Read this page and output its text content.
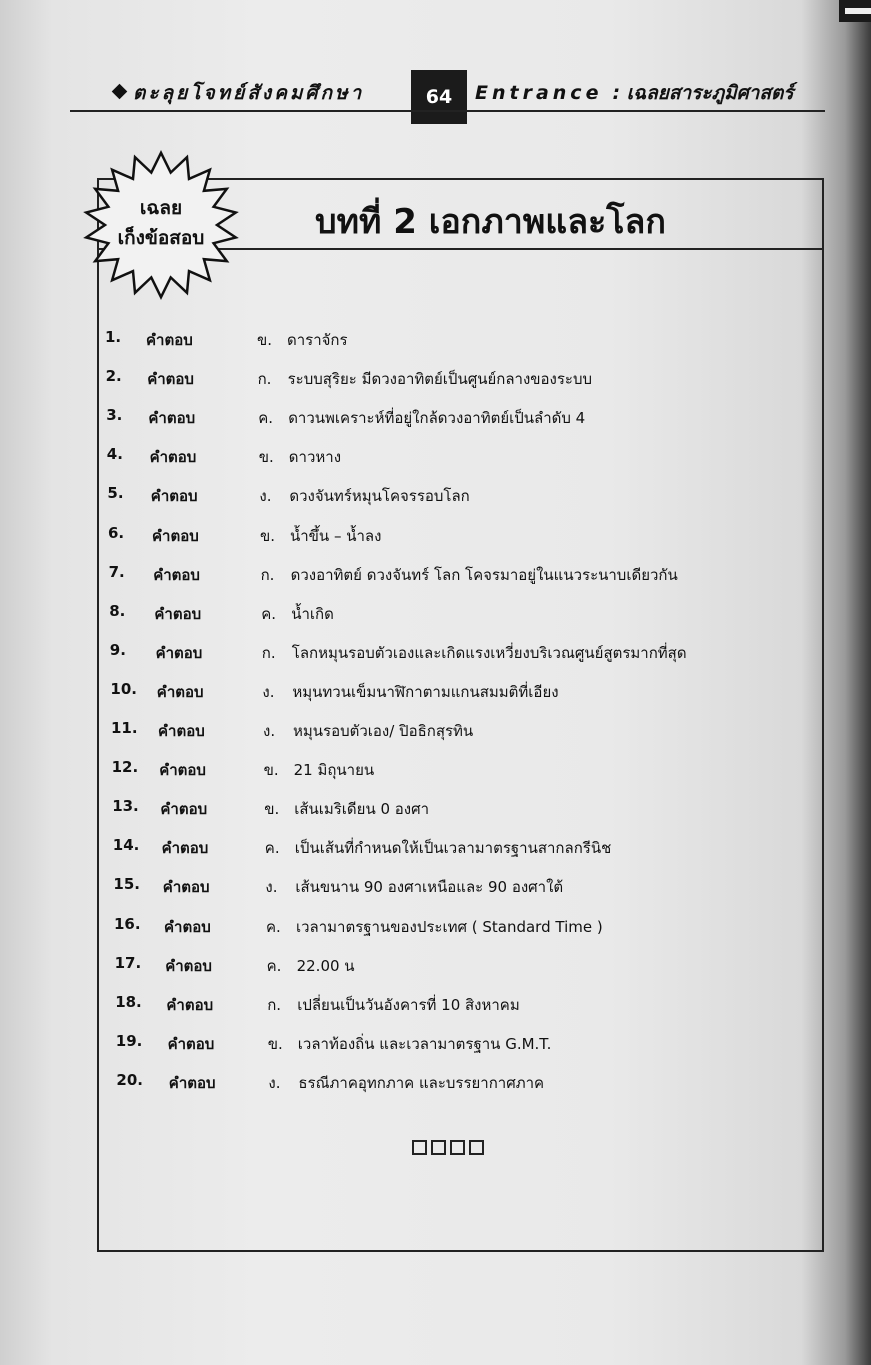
ตะลุยโจทย์สังคมศึกษา	64	Entrance : เฉลยสาระภูมิศาสตร์
เฉลย
เก็งข้อสอบ	บทที่ 2 เอกภาพและโลก
1.	คำตอบ	ข. ดาราจักร
2.	คำตอบ	ก. ระบบสุริยะ มีดวงอาทิตย์เป็นศูนย์กลางของระบบ
3.	คำตอบ	ค. ดาวนพเคราะห์ที่อยู่ใกล้ดวงอาทิตย์เป็นลำดับ 4
4.	คำตอบ	ข. ดาวหาง
5.	คำตอบ	ง. ดวงจันทร์หมุนโคจรรอบโลก
6.	คำตอบ	ข. น้ำขึ้น – น้ำลง
7.	คำตอบ	ก. ดวงอาทิตย์ ดวงจันทร์ โลก โคจรมาอยู่ในแนวระนาบเดียวกัน
8.	คำตอบ	ค. น้ำเกิด
9.	คำตอบ	ก. โลกหมุนรอบตัวเองและเกิดแรงเหวี่ยงบริเวณศูนย์สูตรมากที่สุด
10.	คำตอบ	ง. หมุนทวนเข็มนาฬิกาตามแกนสมมติที่เอียง
11.	คำตอบ	ง. หมุนรอบตัวเอง/ ปิอธิกสุรทิน
12.	คำตอบ	ข. 21 มิถุนายน
13.	คำตอบ	ข. เส้นเมริเดียน 0 องศา
14.	คำตอบ	ค. เป็นเส้นที่กำหนดให้เป็นเวลามาตรฐานสากลกรีนิช
15.	คำตอบ	ง. เส้นขนาน 90 องศาเหนือและ 90 องศาใต้
16.	คำตอบ	ค. เวลามาตรฐานของประเทศ ( Standard Time )
17.	คำตอบ	ค. 22.00 น
18.	คำตอบ	ก. เปลี่ยนเป็นวันอังคารที่ 10 สิงหาคม
19.	คำตอบ	ข. เวลาท้องถิ่น และเวลามาตรฐาน G.M.T.
20.	คำตอบ	ง. ธรณีภาคอุทกภาค และบรรยากาศภาค
